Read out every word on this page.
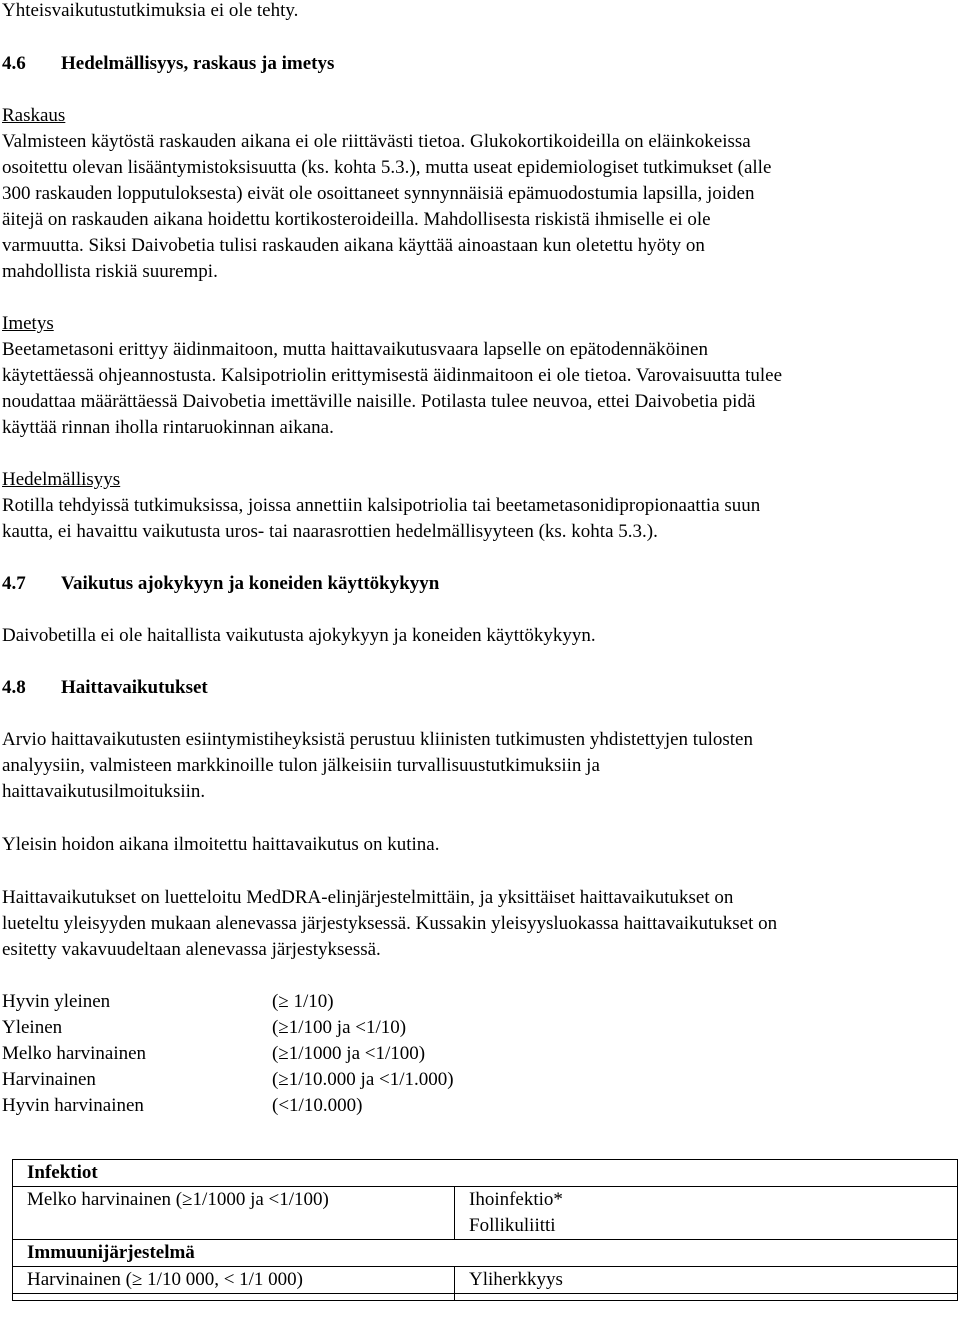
Yhteisvaikutustutkimuksia ei ole tehty.

4.6	Hedelmällisyys, raskaus ja imetys

Raskaus

Valmisteen käytöstä raskauden aikana ei ole riittävästi tietoa. Glukokortikoideilla on eläinkokeissa

osoitettu olevan lisääntymistoksisuutta (ks. kohta 5.3.), mutta useat epidemiologiset tutkimukset (alle

300 raskauden lopputuloksesta) eivät ole osoittaneet synnynnäisiä epämuodostumia lapsilla, joiden

äitejä on raskauden aikana hoidettu kortikosteroideilla. Mahdollisesta riskistä ihmiselle ei ole

varmuutta. Siksi Daivobetia tulisi raskauden aikana käyttää ainoastaan kun oletettu hyöty on

mahdollista riskiä suurempi.

Imetys

Beetametasoni erittyy äidinmaitoon, mutta haittavaikutusvaara lapselle on epätodennäköinen

käytettäessä ohjeannostusta. Kalsipotriolin erittymisestä äidinmaitoon ei ole tietoa. Varovaisuutta tulee

noudattaa määrättäessä Daivobetia imettäville naisille. Potilasta tulee neuvoa, ettei Daivobetia pidä

käyttää rinnan iholla rintaruokinnan aikana.

Hedelmällisyys

Rotilla tehdyissä tutkimuksissa, joissa annettiin kalsipotriolia tai beetametasonidipropionaattia suun

kautta, ei havaittu vaikutusta uros- tai naarasrottien hedelmällisyyteen (ks. kohta 5.3.).

4.7	Vaikutus ajokykyyn ja koneiden käyttökykyyn

Daivobetilla ei ole haitallista vaikutusta ajokykyyn ja koneiden käyttökykyyn.

4.8	Haittavaikutukset

Arvio haittavaikutusten esiintymistiheyksistä perustuu kliinisten tutkimusten yhdistettyjen tulosten

analyysiin, valmisteen markkinoille tulon jälkeisiin turvallisuustutkimuksiin ja

haittavaikutusilmoituksiin.

Yleisin hoidon aikana ilmoitettu haittavaikutus on kutina.

Haittavaikutukset on luetteloitu MedDRA-elinjärjestelmittäin, ja yksittäiset haittavaikutukset on

lueteltu yleisyyden mukaan alenevassa järjestyksessä. Kussakin yleisyysluokassa haittavaikutukset on

esitetty vakavuudeltaan alenevassa järjestyksessä.

Hyvin yleinen	(≥ 1/10)
Yleinen	(≥1/100 ja <1/10)
Melko harvinainen	(≥1/1000 ja <1/100)
Harvinainen	(≥1/10.000 ja <1/1.000)
Hyvin harvinainen	(<1/10.000)
Infektiot	
Melko harvinainen (≥1/1000 ja <1/100)	Ihoinfektio*
Follikuliitti

Immuunijärjestelmä	
Harvinainen (≥ 1/10 000, < 1/1 000)	Yliherkkyys
